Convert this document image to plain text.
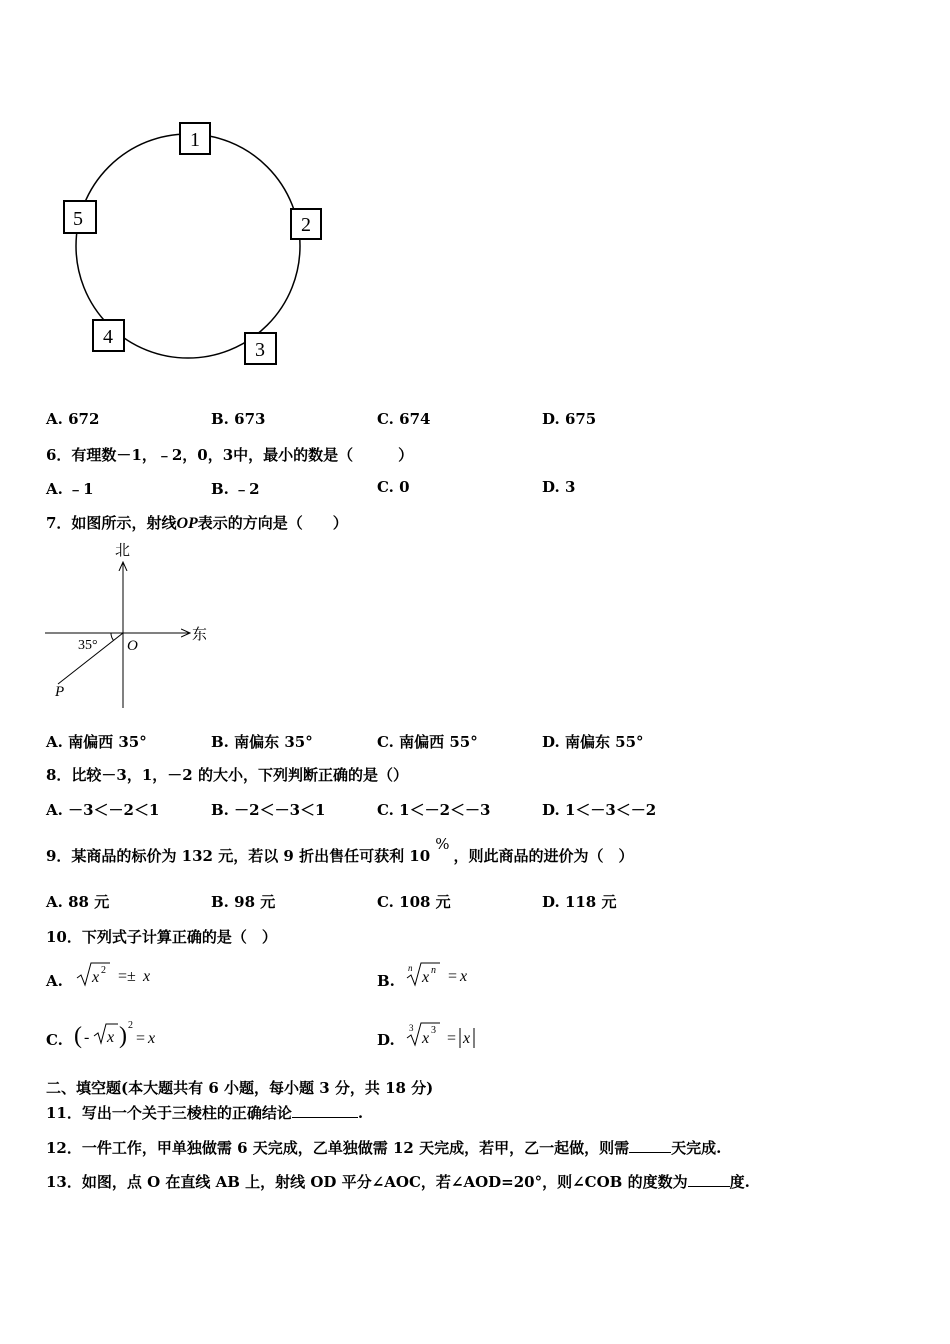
1
2
3
4
5
A. 672	B. 673	C. 674	D. 675
6．有理数－1，﹣2，0，3中，最小的数是（　　　）
A. ﹣1	B. ﹣2	C. 0	D. 3
7．如图所示，射线OP表示的方向是（　　）
北
东
35° O
P
A. 南偏西 35°	B. 南偏东 35°	C. 南偏西 55°	D. 南偏东 55°
8．比较－3，1，－2 的大小，下列判断正确的是（）
A. －3＜－2＜1	B. －2＜－3＜1	C. 1＜－2＜－3	D. 1＜－3＜－2
9．某商品的标价为 132 元，若以 9 折出售任可获利 10%，则此商品的进价为（　）
A. 88 元	B. 98 元	C. 108 元	D. 118 元
10．下列式子计算正确的是（　）
A. x 2 =± x	B.
n
x n = x
C. ( - x ) 2
= x	D.
3
x 3 = x
二、填空题(本大题共有 6 小题，每小题 3 分，共 18 分)
11．写出一个关于三棱柱的正确结论	.
12．一件工作，甲单独做需 6 天完成，乙单独做需 12 天完成，若甲，乙一起做，则需	天完成.
13．如图，点 O 在直线 AB 上，射线 OD 平分∠AOC，若∠AOD=20°，则∠COB 的度数为	度.
